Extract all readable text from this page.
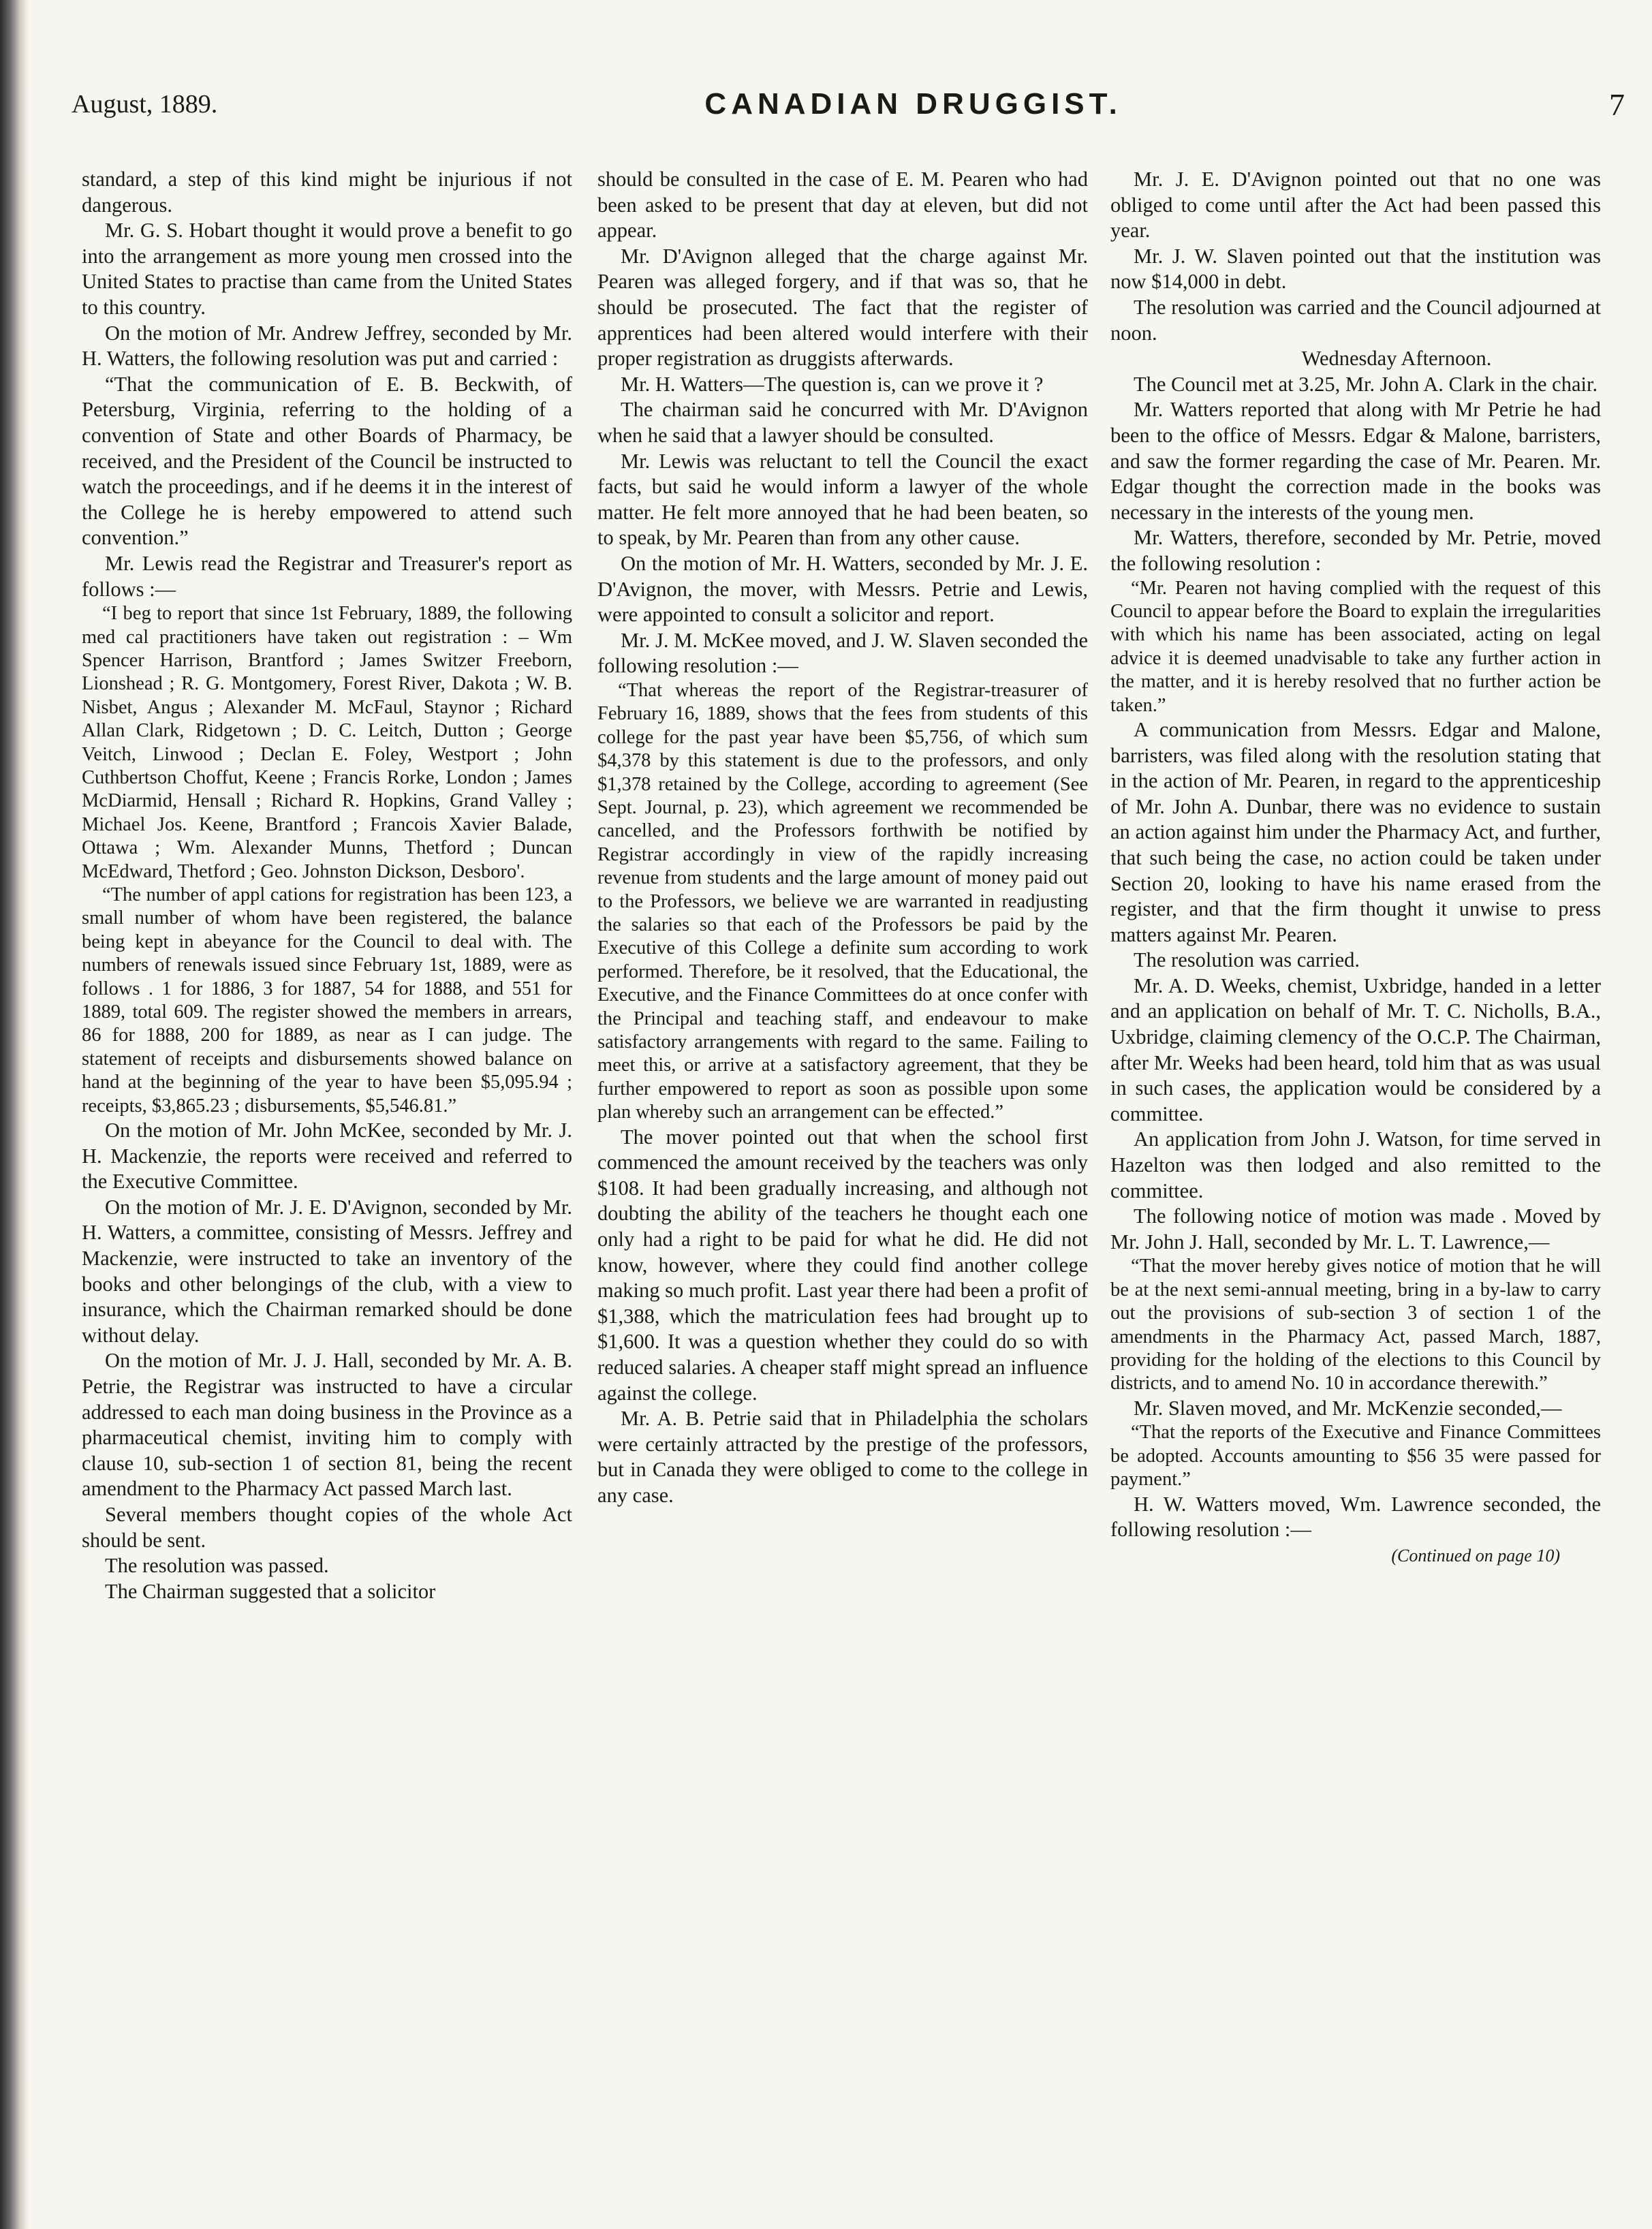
August, 1889.	CANADIAN DRUGGIST.	7

standard, a step of this kind might be injurious if not dangerous.

Mr. G. S. Hobart thought it would prove a benefit to go into the arrangement as more young men crossed into the United States to practise than came from the United States to this country.

On the motion of Mr. Andrew Jeffrey, seconded by Mr. H. Watters, the following resolution was put and carried :

“That the communication of E. B. Beckwith, of Petersburg, Virginia, referring to the holding of a convention of State and other Boards of Pharmacy, be received, and the President of the Council be instructed to watch the proceedings, and if he deems it in the interest of the College he is hereby empowered to attend such convention.”

Mr. Lewis read the Registrar and Treasurer's report as follows :—

“I beg to report that since 1st February, 1889, the following med cal practitioners have taken out registration : – Wm Spencer Harrison, Brantford ; James Switzer Freeborn, Lionshead ; R. G. Montgomery, Forest River, Dakota ; W. B. Nisbet, Angus ; Alexander M. McFaul, Staynor ; Richard Allan Clark, Ridgetown ; D. C. Leitch, Dutton ; George Veitch, Linwood ; Declan E. Foley, Westport ; John Cuthbertson Choffut, Keene ; Francis Rorke, London ; James McDiarmid, Hensall ; Richard R. Hopkins, Grand Valley ; Michael Jos. Keene, Brantford ; Francois Xavier Balade, Ottawa ; Wm. Alexander Munns, Thetford ; Duncan McEdward, Thetford ; Geo. Johnston Dickson, Desboro'.

“The number of appl cations for registration has been 123, a small number of whom have been registered, the balance being kept in abeyance for the Council to deal with. The numbers of renewals issued since February 1st, 1889, were as follows . 1 for 1886, 3 for 1887, 54 for 1888, and 551 for 1889, total 609. The register showed the members in arrears, 86 for 1888, 200 for 1889, as near as I can judge. The statement of receipts and disbursements showed balance on hand at the beginning of the year to have been $5,095.94 ; receipts, $3,865.23 ; disbursements, $5,546.81.”

On the motion of Mr. John McKee, seconded by Mr. J. H. Mackenzie, the reports were received and referred to the Executive Committee.

On the motion of Mr. J. E. D'Avignon, seconded by Mr. H. Watters, a committee, consisting of Messrs. Jeffrey and Mackenzie, were instructed to take an inventory of the books and other belongings of the club, with a view to insurance, which the Chairman remarked should be done without delay.

On the motion of Mr. J. J. Hall, seconded by Mr. A. B. Petrie, the Registrar was instructed to have a circular addressed to each man doing business in the Province as a pharmaceutical chemist, inviting him to comply with clause 10, sub-section 1 of section 81, being the recent amendment to the Pharmacy Act passed March last.

Several members thought copies of the whole Act should be sent.

The resolution was passed.

The Chairman suggested that a solicitor

should be consulted in the case of E. M. Pearen who had been asked to be present that day at eleven, but did not appear.

Mr. D'Avignon alleged that the charge against Mr. Pearen was alleged forgery, and if that was so, that he should be prosecuted. The fact that the register of apprentices had been altered would interfere with their proper registration as druggists afterwards.

Mr. H. Watters—The question is, can we prove it ?

The chairman said he concurred with Mr. D'Avignon when he said that a lawyer should be consulted.

Mr. Lewis was reluctant to tell the Council the exact facts, but said he would inform a lawyer of the whole matter. He felt more annoyed that he had been beaten, so to speak, by Mr. Pearen than from any other cause.

On the motion of Mr. H. Watters, seconded by Mr. J. E. D'Avignon, the mover, with Messrs. Petrie and Lewis, were appointed to consult a solicitor and report.

Mr. J. M. McKee moved, and J. W. Slaven seconded the following resolution :—

“That whereas the report of the Registrar-treasurer of February 16, 1889, shows that the fees from students of this college for the past year have been $5,756, of which sum $4,378 by this statement is due to the professors, and only $1,378 retained by the College, according to agreement (See Sept. Journal, p. 23), which agreement we recommended be cancelled, and the Professors forthwith be notified by Registrar accordingly in view of the rapidly increasing revenue from students and the large amount of money paid out to the Professors, we believe we are warranted in readjusting the salaries so that each of the Professors be paid by the Executive of this College a definite sum according to work performed. Therefore, be it resolved, that the Educational, the Executive, and the Finance Committees do at once confer with the Principal and teaching staff, and endeavour to make satisfactory arrangements with regard to the same. Failing to meet this, or arrive at a satisfactory agreement, that they be further empowered to report as soon as possible upon some plan whereby such an arrangement can be effected.”

The mover pointed out that when the school first commenced the amount received by the teachers was only $108. It had been gradually increasing, and although not doubting the ability of the teachers he thought each one only had a right to be paid for what he did. He did not know, however, where they could find another college making so much profit. Last year there had been a profit of $1,388, which the matriculation fees had brought up to $1,600. It was a question whether they could do so with reduced salaries. A cheaper staff might spread an influence against the college.

Mr. A. B. Petrie said that in Philadelphia the scholars were certainly attracted by the prestige of the professors, but in Canada they were obliged to come to the college in any case.

Mr. J. E. D'Avignon pointed out that no one was obliged to come until after the Act had been passed this year.

Mr. J. W. Slaven pointed out that the institution was now $14,000 in debt.

The resolution was carried and the Council adjourned at noon.

Wednesday Afternoon.

The Council met at 3.25, Mr. John A. Clark in the chair.

Mr. Watters reported that along with Mr Petrie he had been to the office of Messrs. Edgar & Malone, barristers, and saw the former regarding the case of Mr. Pearen. Mr. Edgar thought the correction made in the books was necessary in the interests of the young men.

Mr. Watters, therefore, seconded by Mr. Petrie, moved the following resolution :

“Mr. Pearen not having complied with the request of this Council to appear before the Board to explain the irregularities with which his name has been associated, acting on legal advice it is deemed unadvisable to take any further action in the matter, and it is hereby resolved that no further action be taken.”

A communication from Messrs. Edgar and Malone, barristers, was filed along with the resolution stating that in the action of Mr. Pearen, in regard to the apprenticeship of Mr. John A. Dunbar, there was no evidence to sustain an action against him under the Pharmacy Act, and further, that such being the case, no action could be taken under Section 20, looking to have his name erased from the register, and that the firm thought it unwise to press matters against Mr. Pearen.

The resolution was carried.

Mr. A. D. Weeks, chemist, Uxbridge, handed in a letter and an application on behalf of Mr. T. C. Nicholls, B.A., Uxbridge, claiming clemency of the O.C.P. The Chairman, after Mr. Weeks had been heard, told him that as was usual in such cases, the application would be considered by a committee.

An application from John J. Watson, for time served in Hazelton was then lodged and also remitted to the committee.

The following notice of motion was made . Moved by Mr. John J. Hall, seconded by Mr. L. T. Lawrence,—

“That the mover hereby gives notice of motion that he will be at the next semi-annual meeting, bring in a by-law to carry out the provisions of sub-section 3 of section 1 of the amendments in the Pharmacy Act, passed March, 1887, providing for the holding of the elections to this Council by districts, and to amend No. 10 in accordance therewith.”

Mr. Slaven moved, and Mr. McKenzie seconded,—

“That the reports of the Executive and Finance Committees be adopted. Accounts amounting to $56 35 were passed for payment.”

H. W. Watters moved, Wm. Lawrence seconded, the following resolution :—

(Continued on page 10)
